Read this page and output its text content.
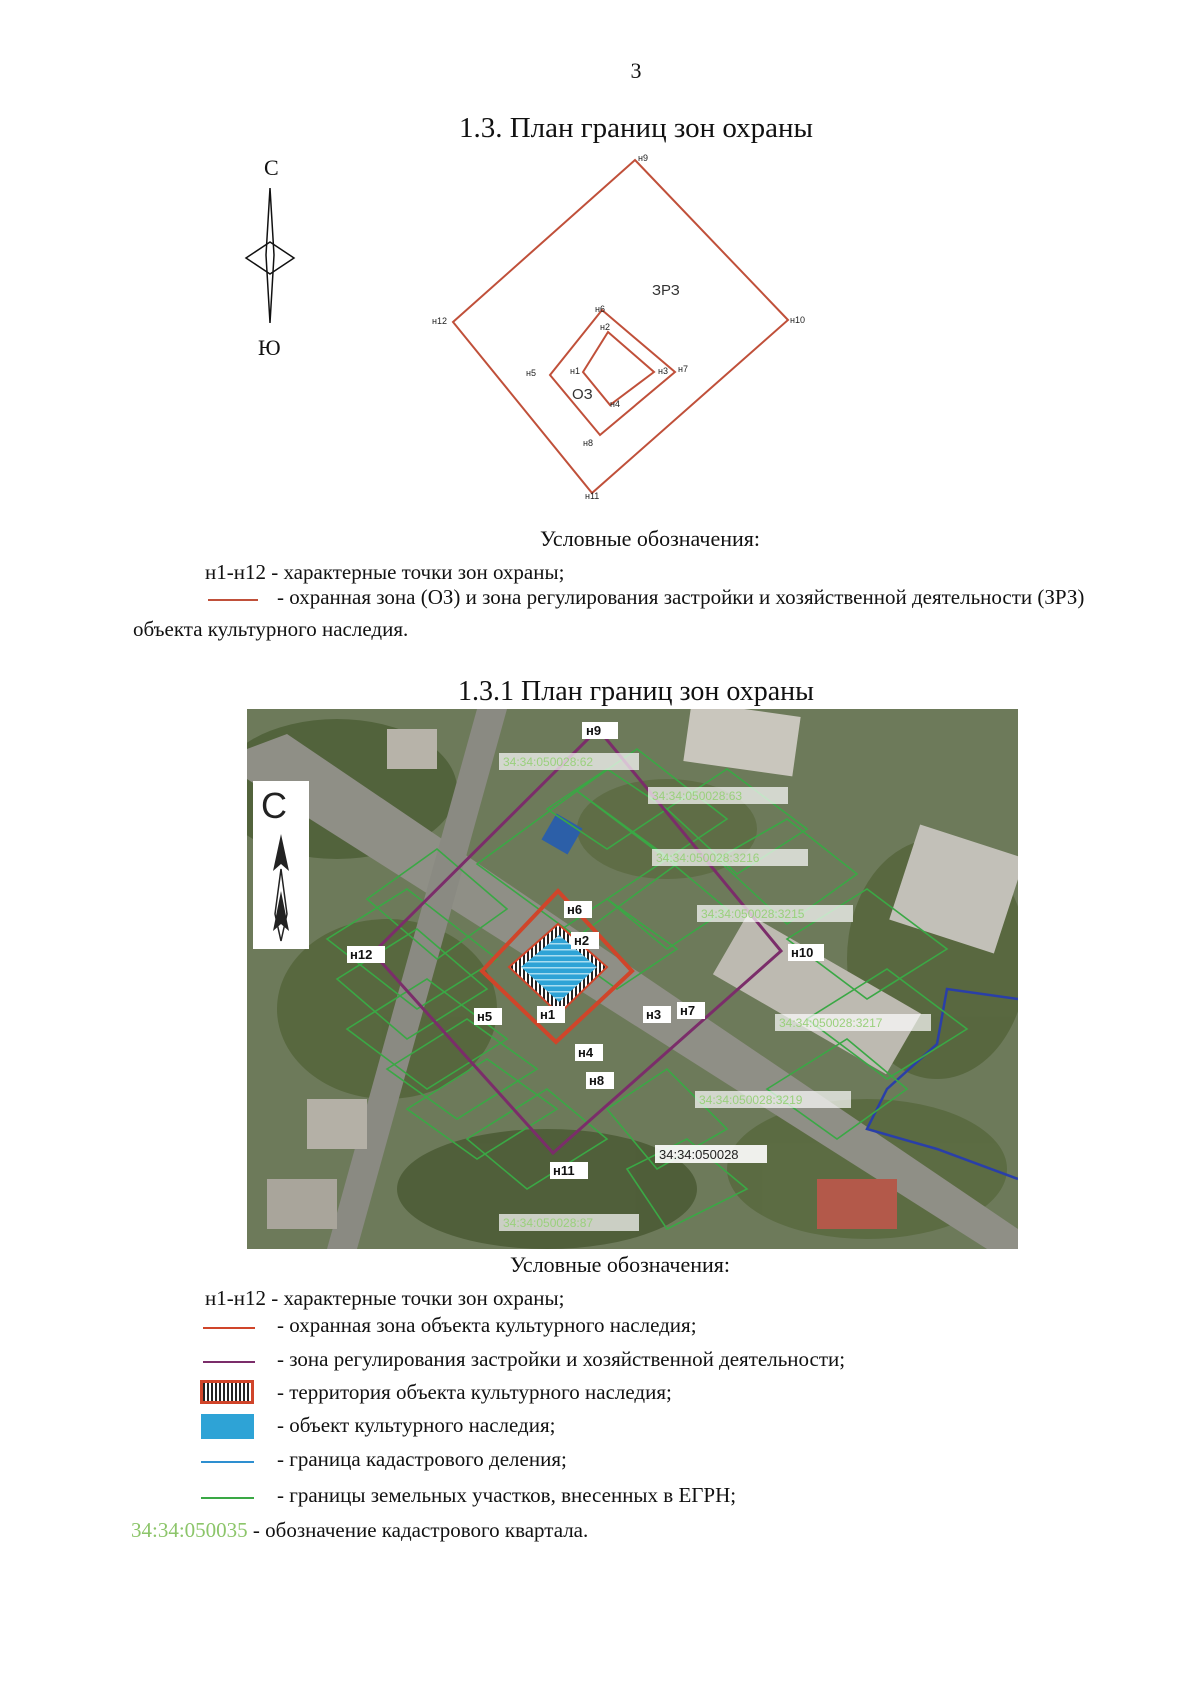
3
1.3. План границ зон охраны
С
Ю
н9
н10
н11
н12
н6
н7
н8
н5
н2
н3
н4
н1
ЗРЗ
ОЗ
Условные обозначения:
н1-н12 - характерные точки зон охраны;
- охранная зона (ОЗ) и зона регулирования застройки и хозяйственной деятельности (ЗРЗ)
объекта культурного наследия.
1.3.1 План границ зон охраны
С
н9
н10
н11
н12
н2
н6
н3 н7
н1
н5
н4
н8
34:34:050028:62
34:34:050028:63
34:34:050028:3216
34:34:050028:3215
34:34:050028:3217
34:34:050028:3219
34:34:050028:87
34:34:050028
Условные обозначения:
н1-н12 - характерные точки зон охраны;
- охранная зона объекта культурного наследия;
- зона регулирования застройки и хозяйственной деятельности;
- территория объекта культурного наследия;
- объект культурного наследия;
- граница кадастрового деления;
- границы земельных участков, внесенных в ЕГРН;
34:34:050035 - обозначение кадастрового квартала.
